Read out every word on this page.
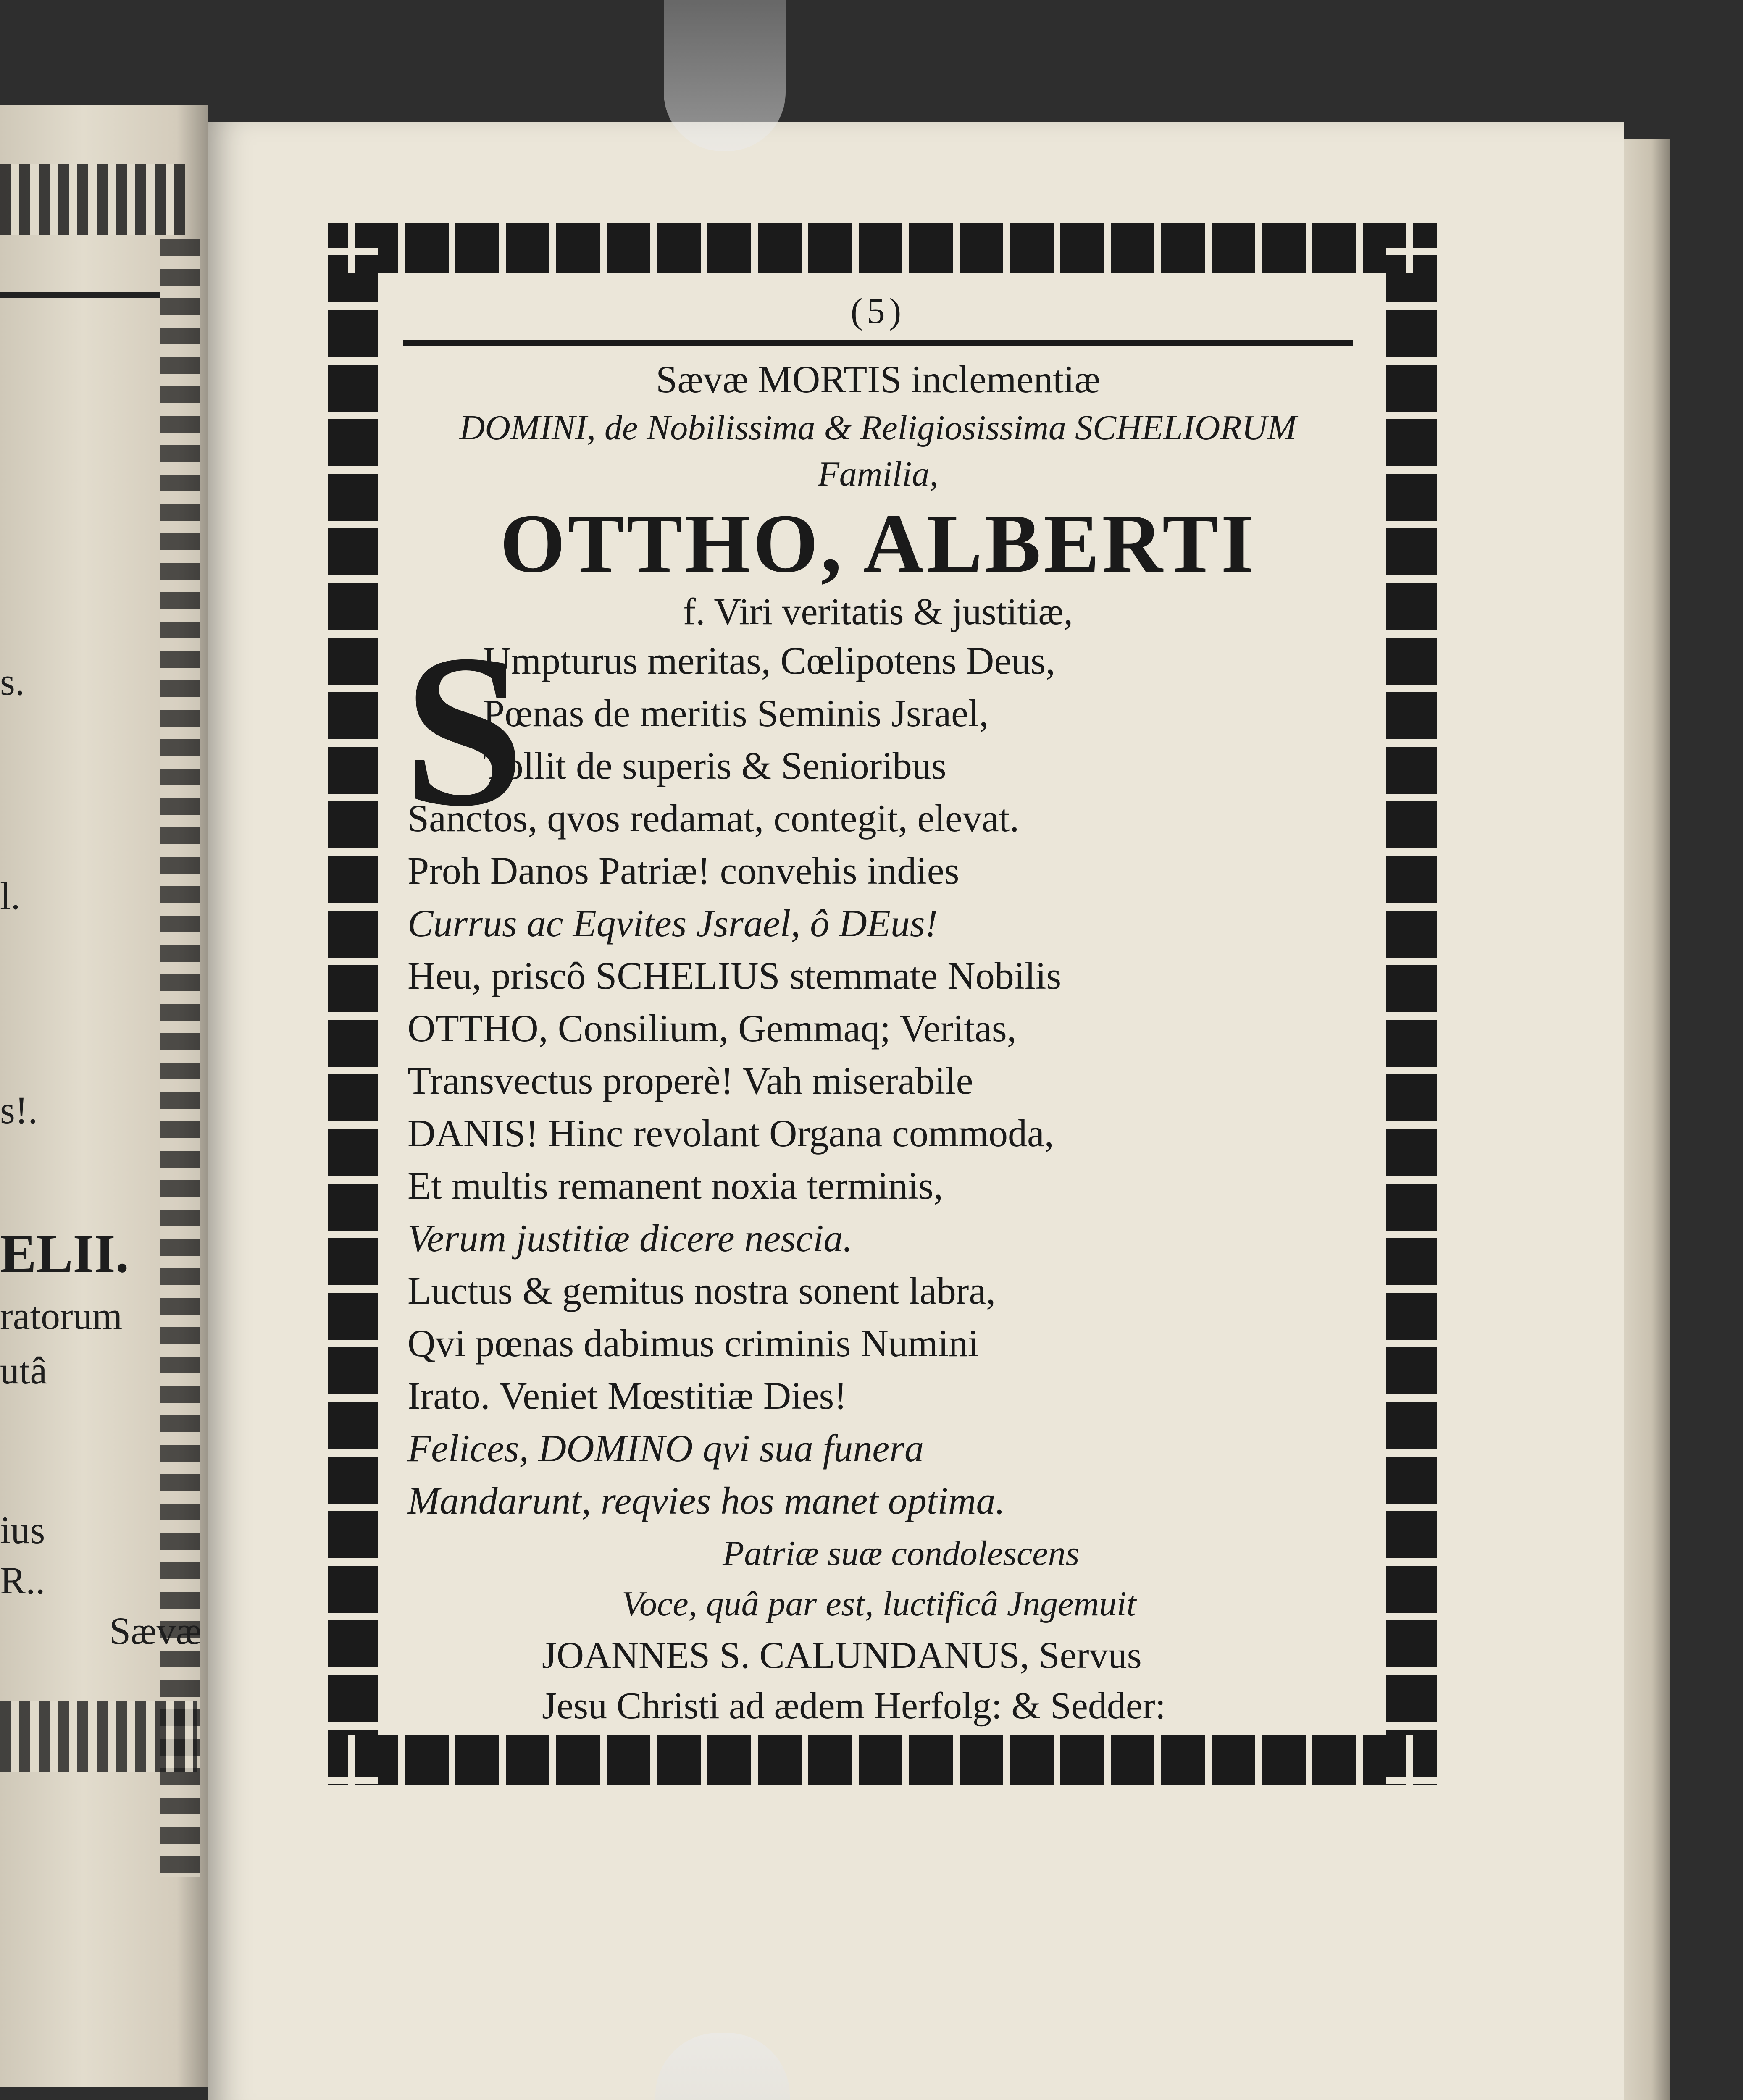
s.
l.
s!.
ELII.
ratorum
utâ
ius
R..
Sævæ
(5)
Sævæ MORTIS inclementiæ
DOMINI, de Nobilissima & Religiosissima SCHELIORUM
Familia,
OTTHO, ALBERTI
f. Viri veritatis & justitiæ,
S
Umpturus meritas, Cœlipotens Deus,
Pœnas de meritis Seminis Jsrael,
Tollit de superis & Senioribus
Sanctos, qvos redamat, contegit, elevat.
Proh Danos Patriæ! convehis indies
Currus ac Eqvites Jsrael, ô DEus!
Heu, priscô SCHELIUS stemmate Nobilis
OTTHO, Consilium, Gemmaq; Veritas,
Transvectus properè! Vah miserabile
DANIS! Hinc revolant Organa commoda,
Et multis remanent noxia terminis,
Verum justitiæ dicere nescia.
Luctus & gemitus nostra sonent labra,
Qvi pœnas dabimus criminis Numini
Irato. Veniet Mœstitiæ Dies!
Felices, DOMINO qvi sua funera
Mandarunt, reqvies hos manet optima.
Patriæ suæ condolescens
Voce, quâ par est, luctificâ Jngemuit
JOANNES S. CALUNDANUS, Servus
Jesu Christi ad ædem Herfolg: & Sedder:
